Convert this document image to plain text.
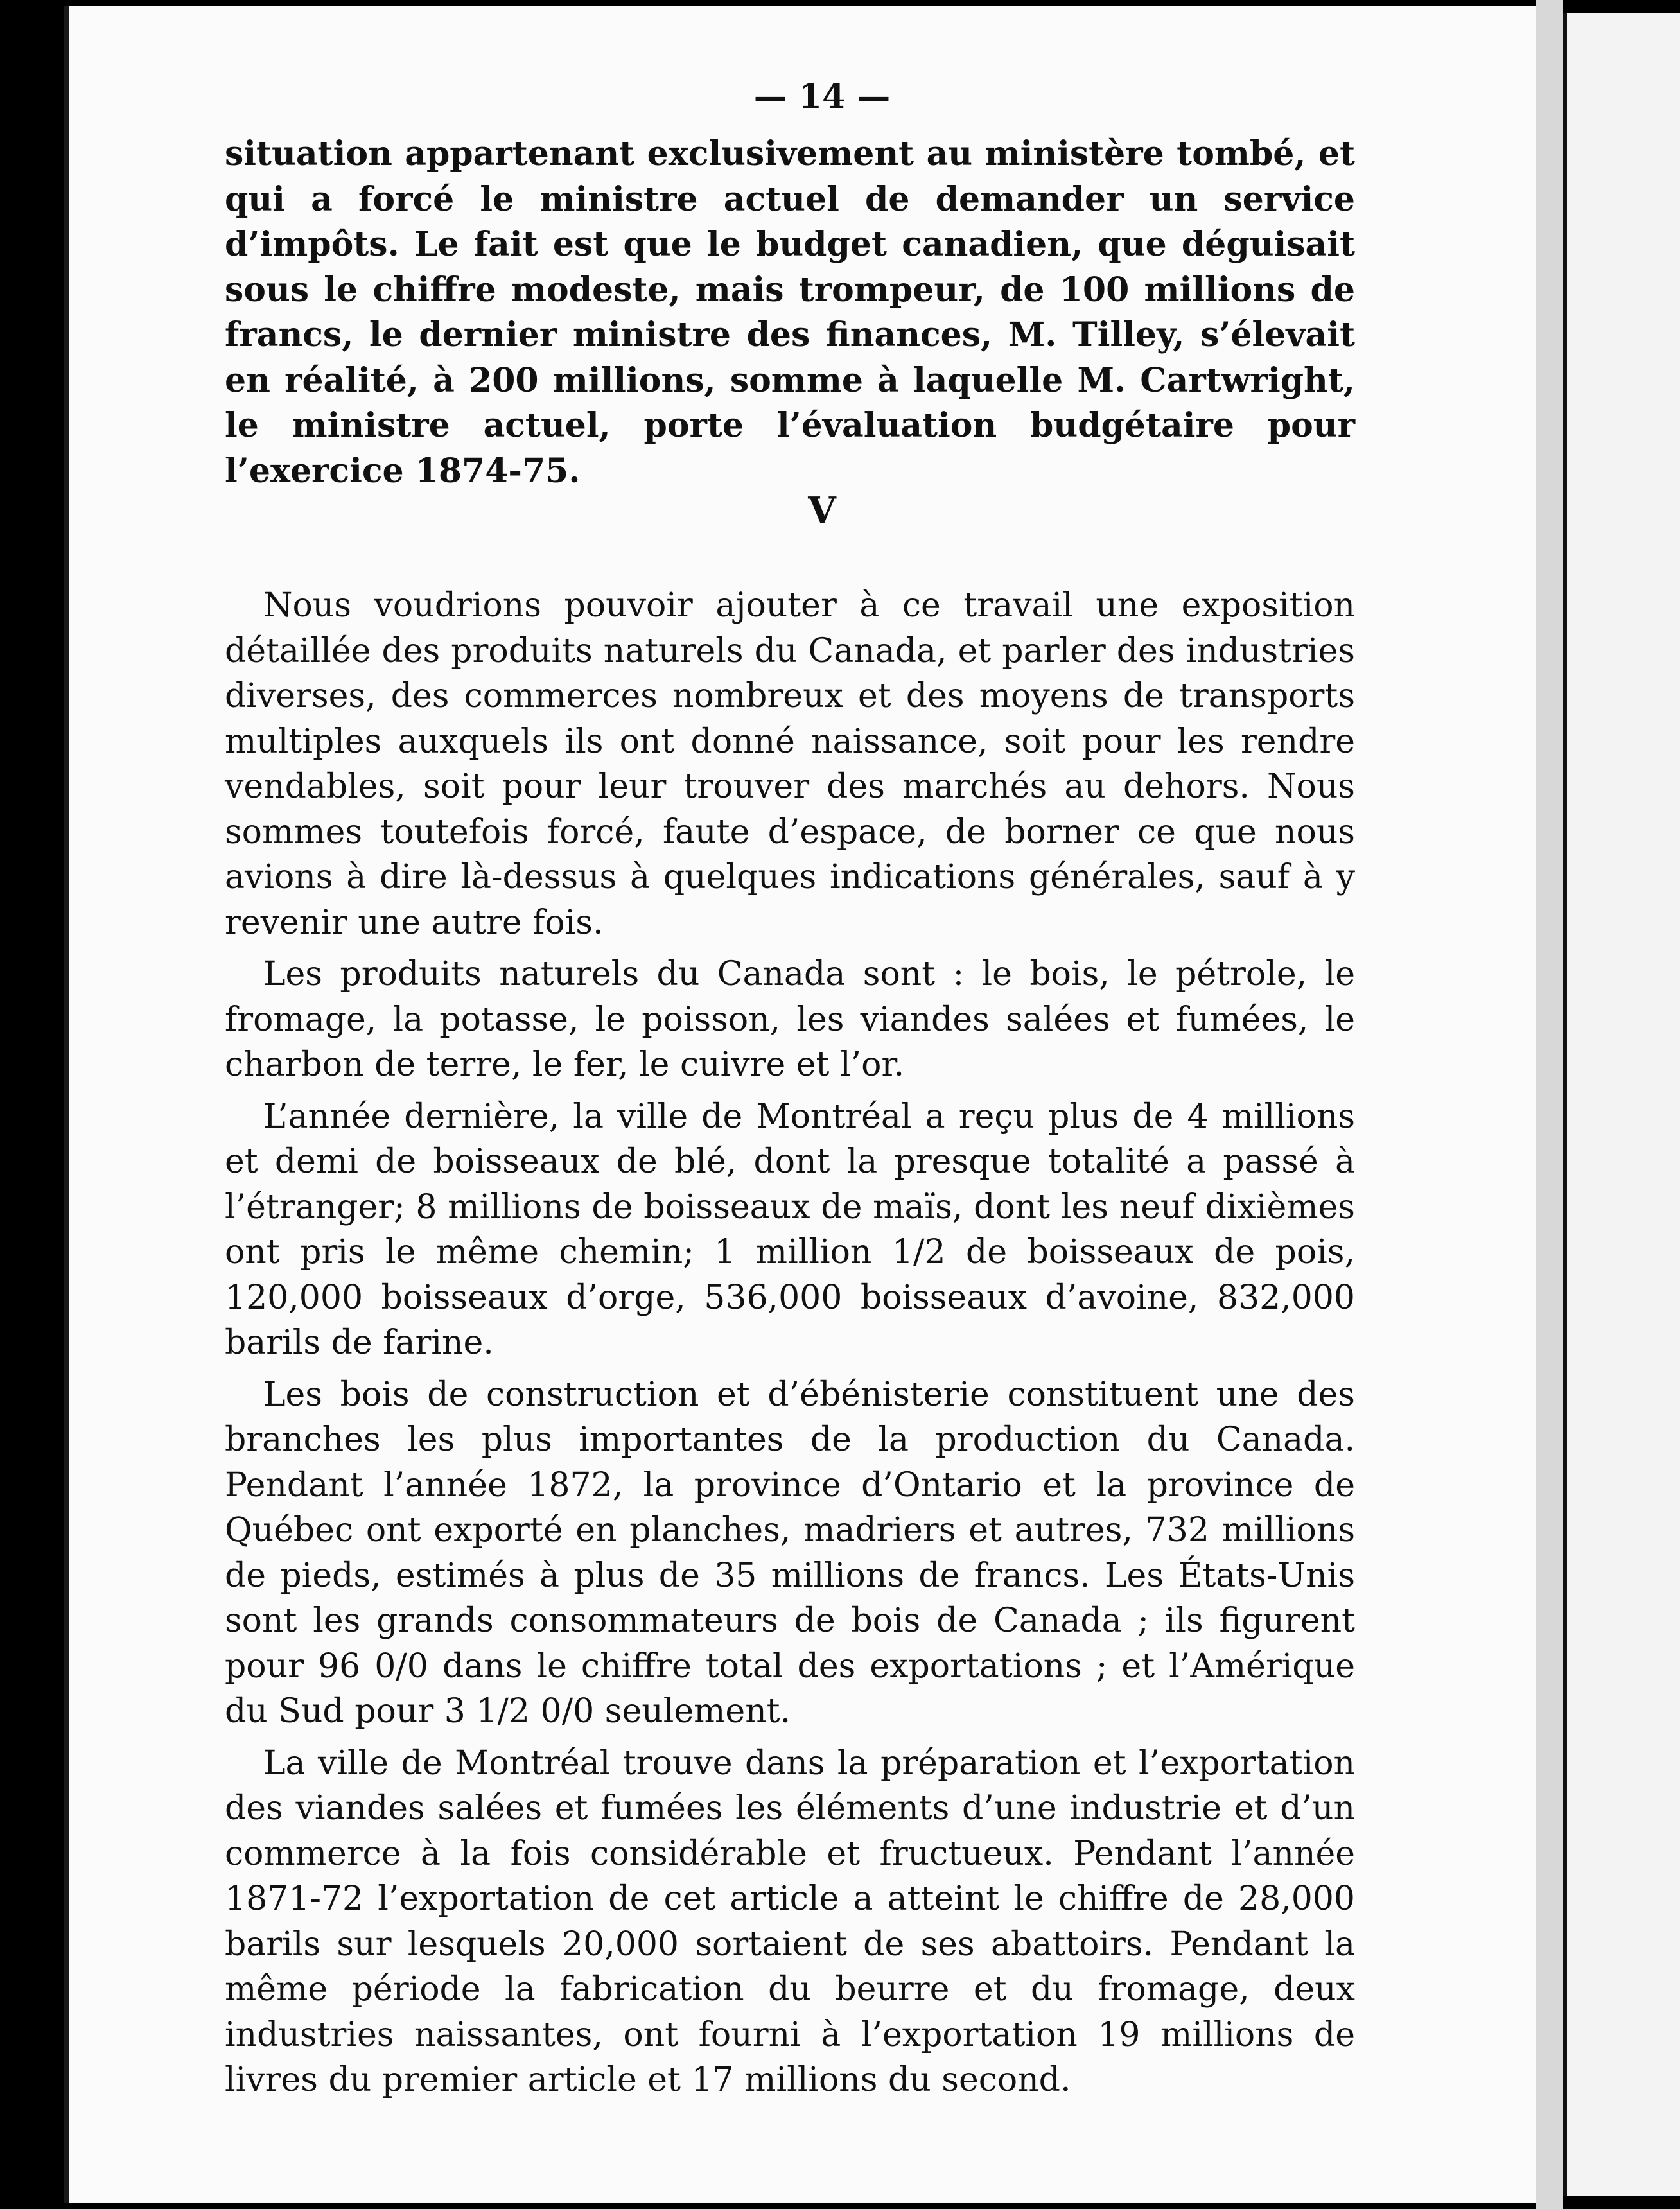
— 14 —

situation appartenant exclusivement au ministère tombé, et qui a forcé le ministre actuel de demander un service d’impôts. Le fait est que le budget canadien, que déguisait sous le chiffre modeste, mais trompeur, de 100 millions de francs, le dernier ministre des finances, M. Tilley, s’élevait en réalité, à 200 millions, somme à laquelle M. Cartwright, le ministre actuel, porte l’évaluation budgétaire pour l’exercice 1874-75.

V

Nous voudrions pouvoir ajouter à ce travail une exposition détaillée des produits naturels du Canada, et parler des industries diverses, des commerces nombreux et des moyens de transports multiples auxquels ils ont donné naissance, soit pour les rendre vendables, soit pour leur trouver des marchés au dehors. Nous sommes toutefois forcé, faute d’espace, de borner ce que nous avions à dire là-dessus à quelques indications générales, sauf à y revenir une autre fois.

Les produits naturels du Canada sont : le bois, le pétrole, le fromage, la potasse, le poisson, les viandes salées et fumées, le charbon de terre, le fer, le cuivre et l’or.

L’année dernière, la ville de Montréal a reçu plus de 4 millions et demi de boisseaux de blé, dont la presque totalité a passé à l’étranger; 8 millions de boisseaux de maïs, dont les neuf dixièmes ont pris le même chemin; 1 million 1/2 de boisseaux de pois, 120,000 boisseaux d’orge, 536,000 boisseaux d’avoine, 832,000 barils de farine.

Les bois de construction et d’ébénisterie constituent une des branches les plus importantes de la production du Canada. Pendant l’année 1872, la province d’Ontario et la province de Québec ont exporté en planches, madriers et autres, 732 millions de pieds, estimés à plus de 35 millions de francs. Les États-Unis sont les grands consommateurs de bois de Canada ; ils figurent pour 96 0/0 dans le chiffre total des exportations ; et l’Amérique du Sud pour 3 1/2 0/0 seulement.

La ville de Montréal trouve dans la préparation et l’exportation des viandes salées et fumées les éléments d’une industrie et d’un commerce à la fois considérable et fructueux. Pendant l’année 1871-72 l’exportation de cet article a atteint le chiffre de 28,000 barils sur lesquels 20,000 sortaient de ses abattoirs. Pendant la même période la fabrication du beurre et du fromage, deux industries naissantes, ont fourni à l’exportation 19 millions de livres du premier article et 17 millions du second.
